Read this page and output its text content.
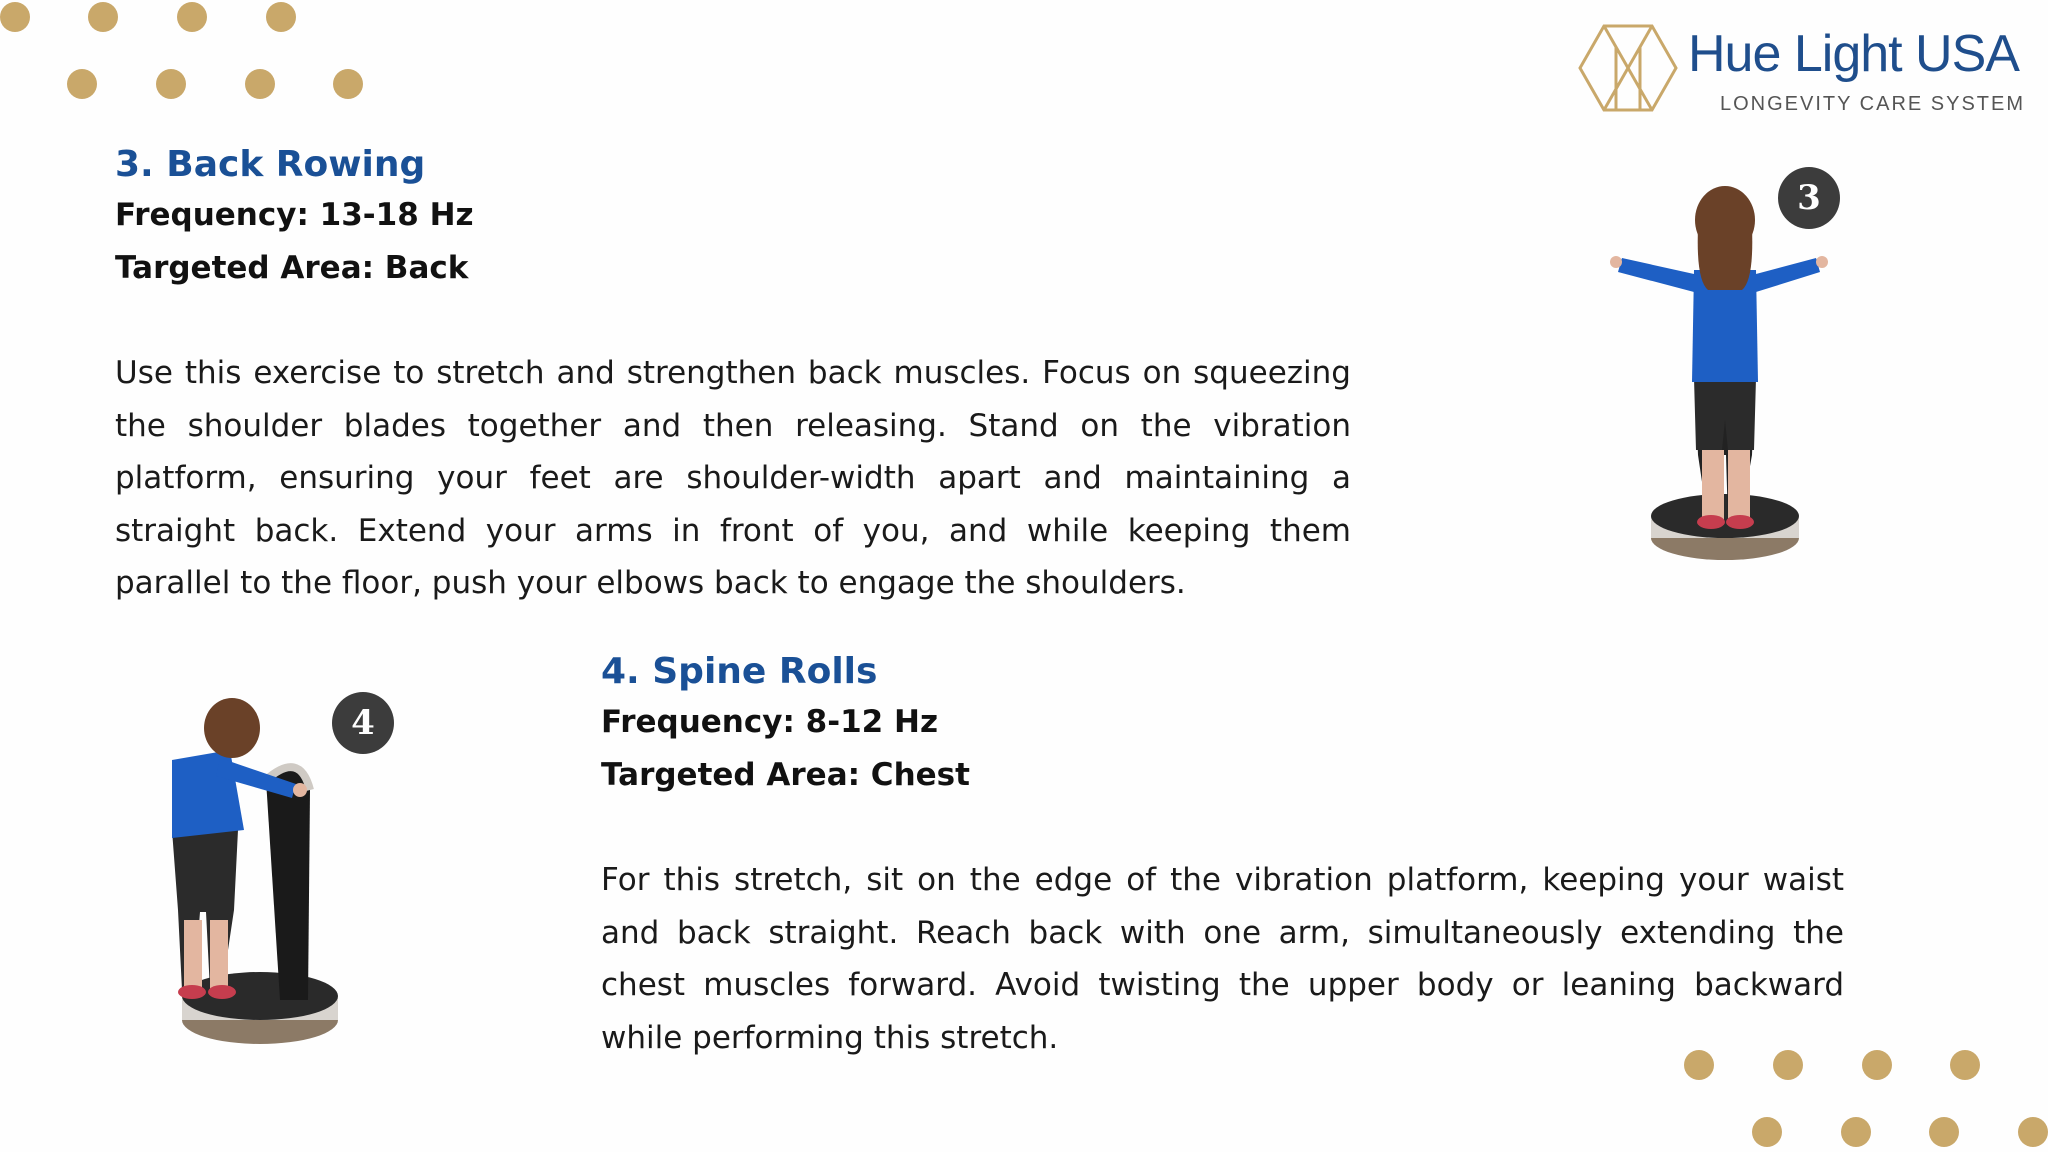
Hue Light USA
LONGEVITY CARE SYSTEM
3. Back Rowing

Frequency: 13-18 Hz

Targeted Area: Back

Use this exercise to stretch and strengthen back muscles. Focus on squeezing the shoulder blades together and then releasing. Stand on the vibration platform, ensuring your feet are shoulder-width apart and maintaining a straight back. Extend your arms in front of you, and while keeping them parallel to the floor, push your elbows back to engage the shoulders.

3
4. Spine Rolls

Frequency: 8-12 Hz

Targeted Area: Chest

For this stretch, sit on the edge of the vibration platform, keeping your waist and back straight. Reach back with one arm, simultaneously extending the chest muscles forward. Avoid twisting the upper body or leaning backward while performing this stretch.

4
